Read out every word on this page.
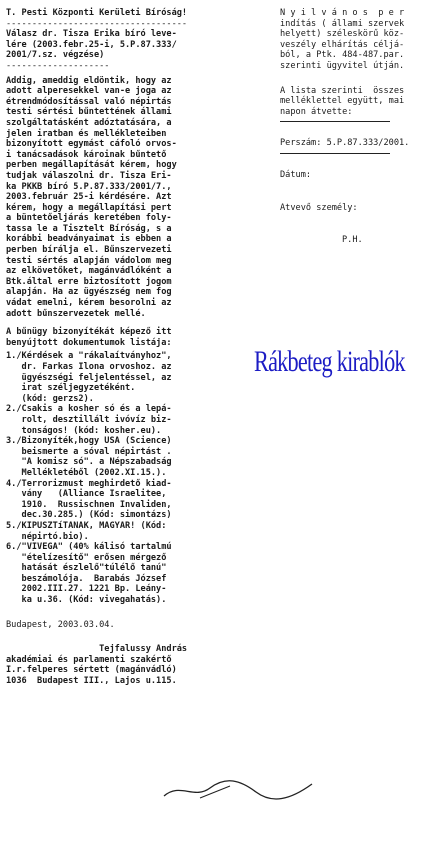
T. Pesti Központi Kerületi Bíróság!
-----------------------------------
Válasz dr. Tisza Erika bíró leve-
lére (2003.febr.25-i, 5.P.87.333/
2001/7.sz. végzése)
--------------------
Addig, ameddig eldöntik, hogy az
adott alperesekkel van-e joga az
étrendmódosítással való népirtás
testi sértési bűntettének állami
szolgáltatásként adóztatására, a
jelen iratban és mellékleteiben
bizonyított egymást cáfoló orvos-
i tanácsadások károinak bűntető
perben megállapítását kérem, hogy
tudjak válaszolni dr. Tisza Eri-
ka PKKB bíró 5.P.87.333/2001/7.,
2003.február 25-i kérdésére. Azt
kérem, hogy a megállapítási pert
a büntetőeljárás keretében foly-
tassa le a Tisztelt Bíróság, s a
korábbi beadványaimat is ebben a
perben bírálja el. Bűnszervezeti
testi sértés alapján vádolom meg
az elkövetőket, magánvádlóként a
Btk.által erre biztosított jogom
alapján. Ha az ügyészség nem fog
vádat emelni, kérem besorolni az
adott bűnszervezetek mellé.
A bűnügy bizonyítékát képező itt
benyújtott dokumentumok listája:
1./Kérdések a "rákalaítványhoz",
dr. Farkas Ilona orvoshoz. az
ügyészségi feljelentéssel, az
irat széljegyzetéként.
(kód: gerzs2).
2./Csakis a kosher só és a lepá-
rolt, desztillált ivóvíz biz-
tonságos! (kód: kosher.eu).
3./Bizonyíték,hogy USA (Science)
beismerte a sóval népirtást .
"A komisz só". a Népszabadság
Mellékletéből (2002.XI.15.).
4./Terrorizmust meghirdető kiad-
vány   (Alliance Israelitee,
1910.  Russischnen Invaliden,
dec.30.285.) (Kód: simontázs)
5./KIPUSZTíTANAK, MAGYAR! (Kód:
népirtó.bio).
6./"VIVEGA" (40% kálisó tartalmú
"ételízesítő" erősen mérgező
hatását észlelő"túlélő tanú"
beszámolója.  Barabás József
2002.III.27. 1221 Bp. Leány-
ka u.36. (Kód: vivegahatás).
Budapest, 2003.03.04.
Tejfalussy András
akadémiai és parlamenti szakértő
I.r.felperes sértett (magánvádló)
1036  Budapest III., Lajos u.115.
N y i l v á n o s  p e r
indítás ( állami szervek
helyett) széleskörű köz-
veszély elhárítás céljá-
ból, a Ptk. 484-487.par.
szerinti ügyvitel útján.
A lista szerinti  összes
melléklettel együtt, mai
napon átvette:
Perszám: 5.P.87.333/2001.
Dátum:
Atvevő személy:
P.H.
Rákbeteg kirablók
